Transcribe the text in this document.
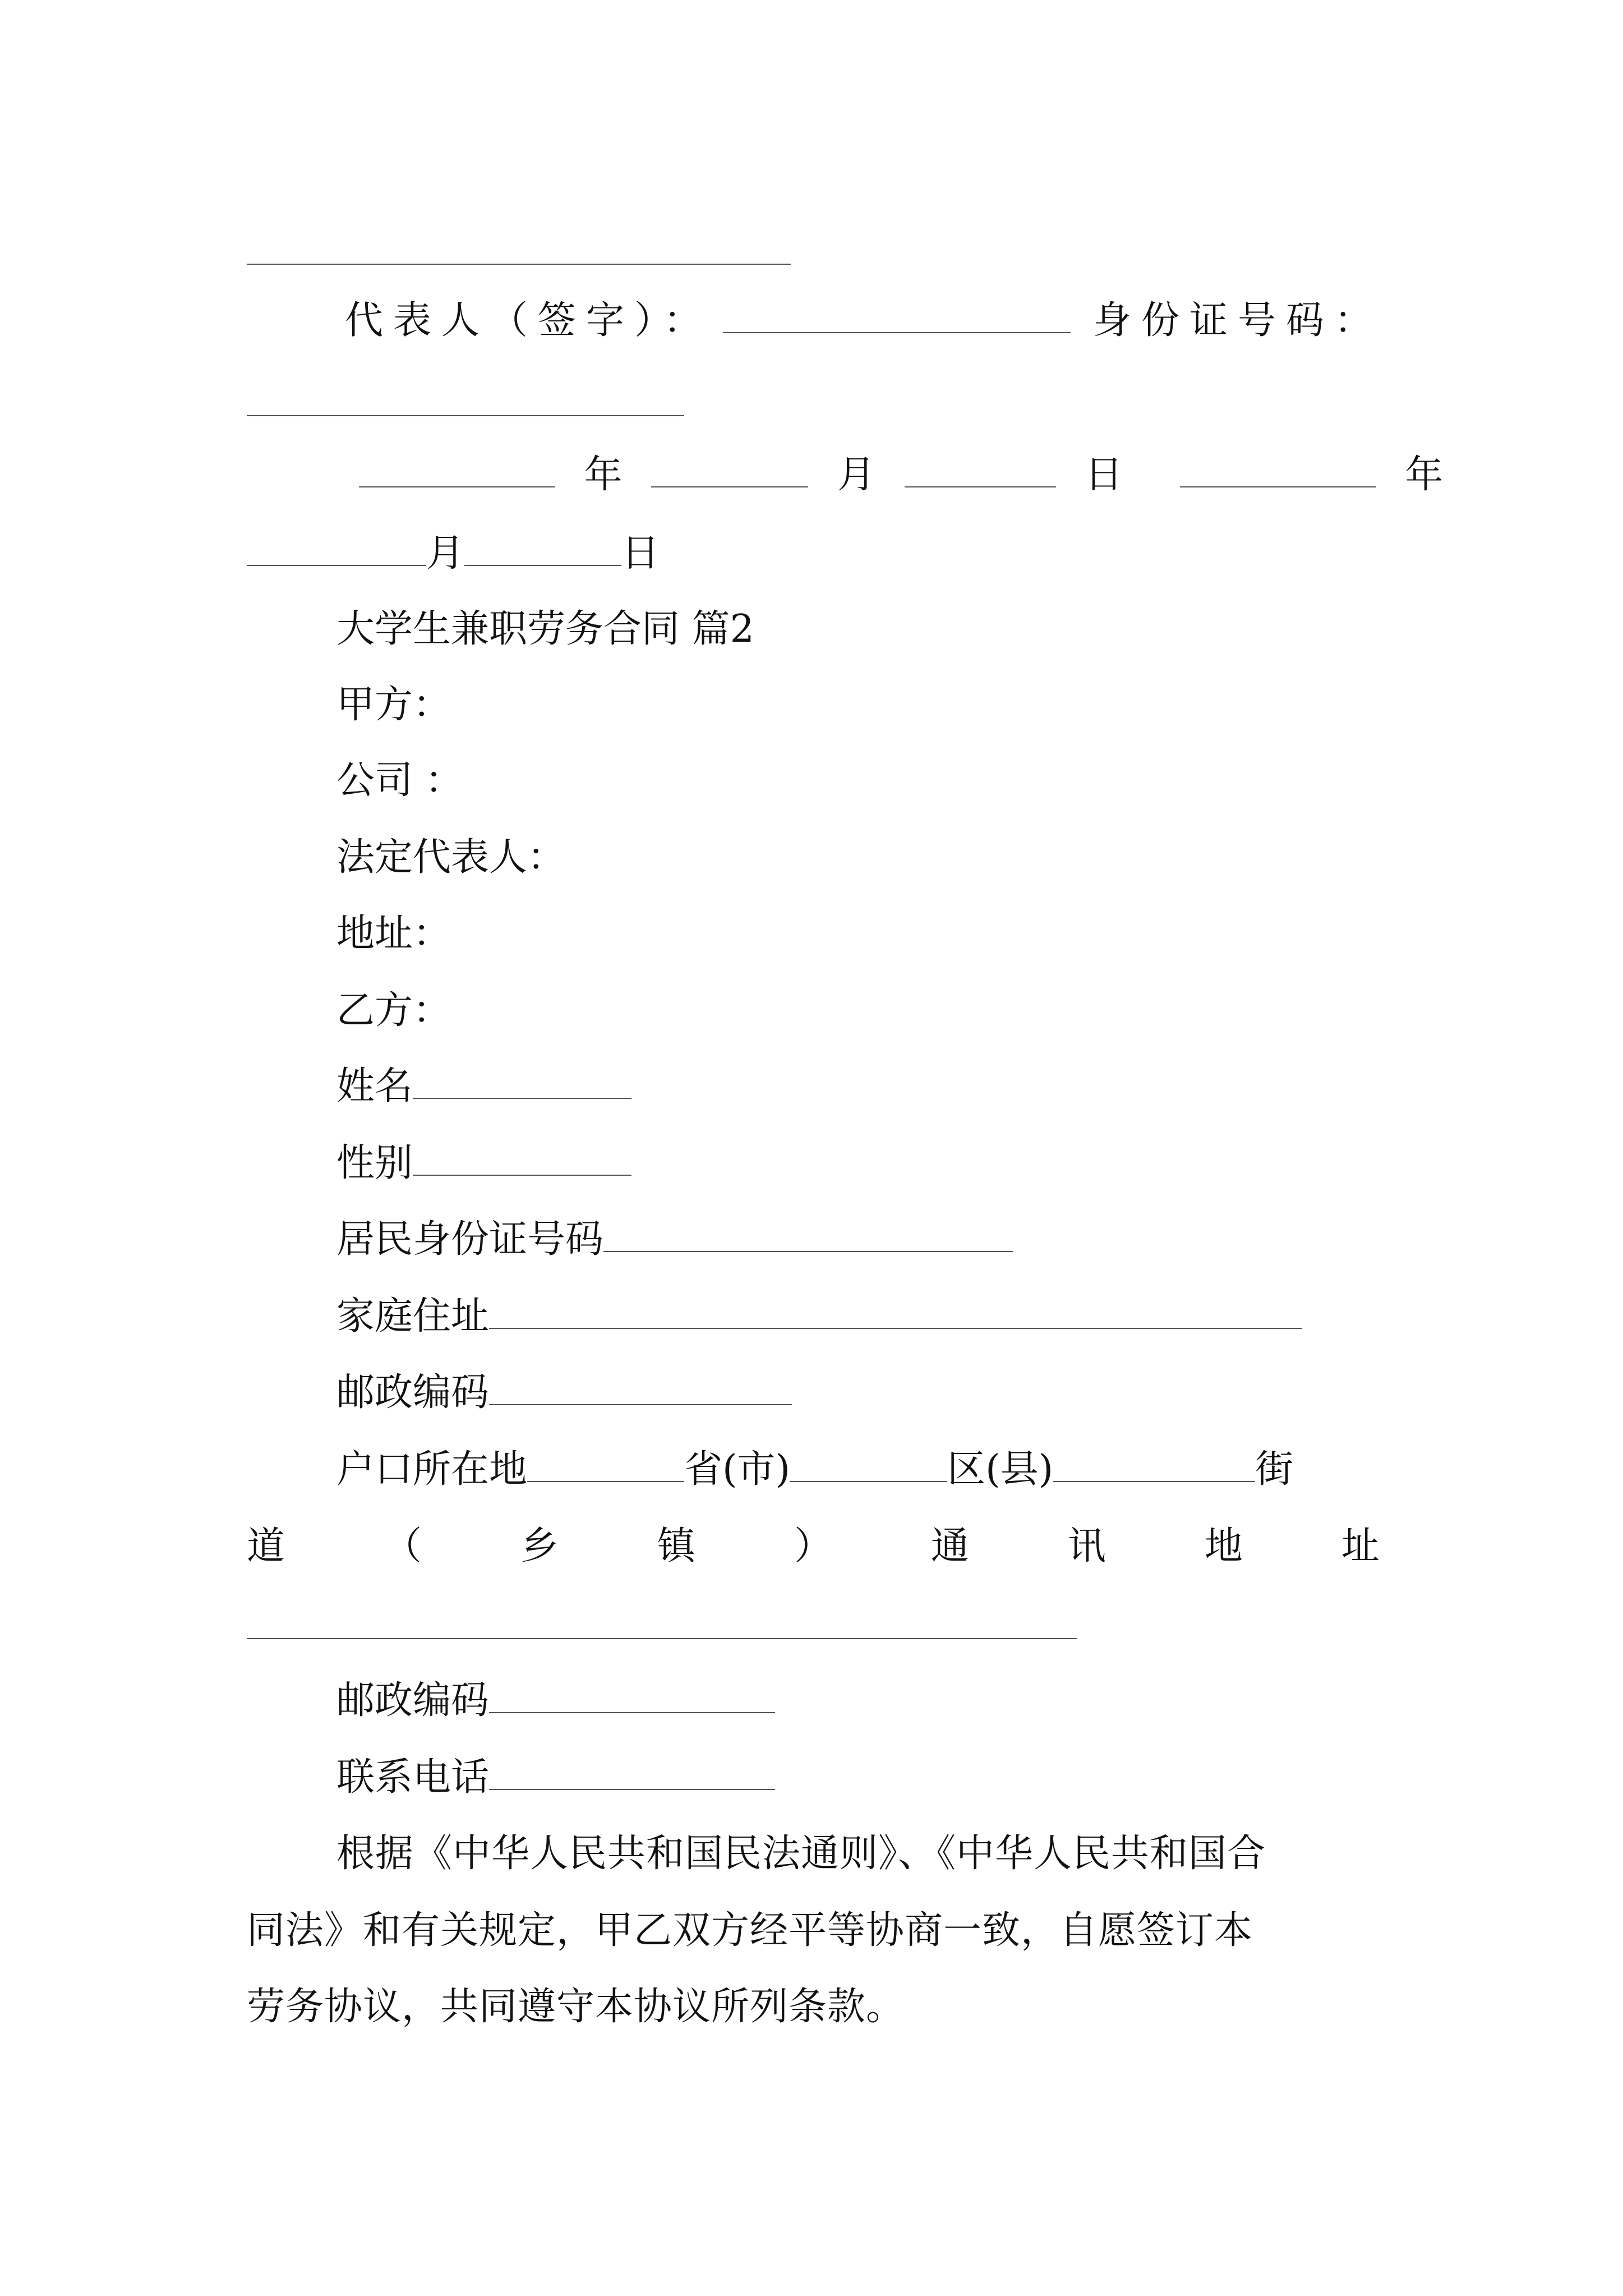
代表人（签字）：	身份证号码：
年	月	日	年
月	日
大学生兼职劳务合同 篇2
甲方：
公司 ：
法定代表人：
地址：
乙方：
姓名
性别
居民身份证号码
家庭住址
邮政编码
户口所在地	省(市)	区(县)	街
道	（	乡	镇	）	通	讯	地	址
邮政编码
联系电话
根据《中华人民共和国民法通则》、《中华人民共和国合
同法》和有关规定，甲乙双方经平等协商一致，自愿签订本
劳务协议，共同遵守本协议所列条款。
